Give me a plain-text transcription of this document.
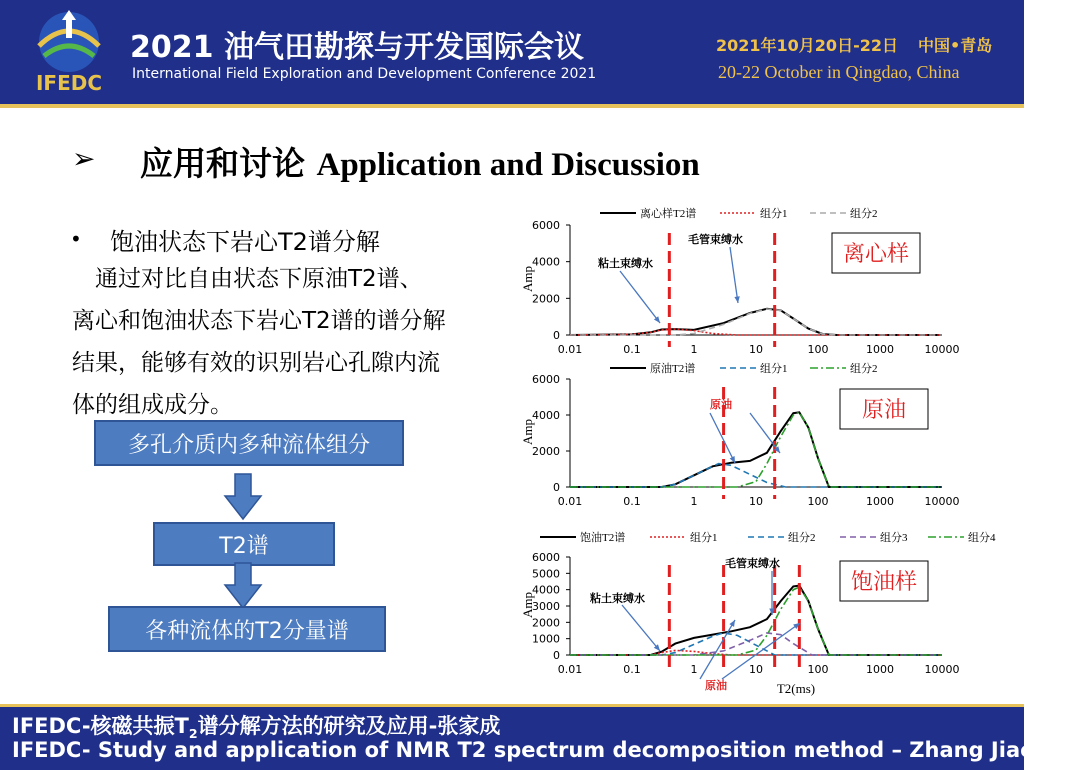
IFEDC
2021 油气田勘探与开发国际会议
International Field Exploration and Development Conference 2021
2021年10月20日-22日 中国•青岛
20-22 October in Qingdao, China
➢ 应用和讨论 Application and Discussion
• 饱油状态下岩心T2谱分解
　通过对比自由状态下原油T2谱、
离心和饱油状态下岩心T2谱的谱分解
结果，能够有效的识别岩心孔隙内流
体的组成成分。
多孔介质内多种流体组分
T2谱
各种流体的T2分量谱
0
2000
4000
6000
Amp
0.01	0.1	1	10	100	1000	10000
离心样T2谱	组分1	组分2
粘土束缚水
毛管束缚水
离心样
0
2000
4000
6000
Amp
0.01	0.1	1	10	100	1000	10000
原油T2谱	组分1	组分2
原油	原油
0
1000
2000
3000
4000
5000
6000
Amp
0.01	0.1	1	10	100	1000	10000
T2(ms)
饱油T2谱	组分1	组分2	组分3	组分4
粘土束缚水
毛管束缚水
原油
饱油样
IFEDC-核磁共振$T_2$谱分解方法的研究及应用-张家成
IFEDC- Study and application of NMR T2 spectrum decomposition method – Zhang Jiacheng
